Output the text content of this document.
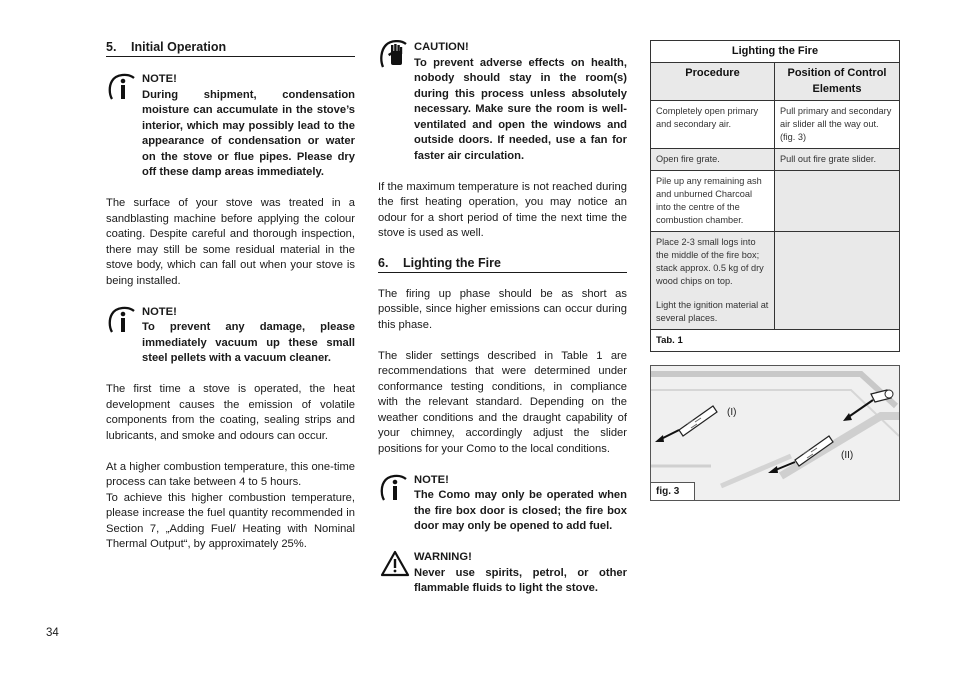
5. Initial Operation
NOTE!
During shipment, condensation moisture can accumulate in the stove’s interior, which may possibly lead to the appearance of condensation or water on the stove or flue pipes. Please dry off these damp areas immediately.

The surface of your stove was treated in a sandblasting machine before applying the colour coating. Despite careful and thorough inspection, there may still be some residual material in the stove body, which can fall out when your stove is being installed.

NOTE!
To prevent any damage, please immediately vacuum up these small steel pellets with a vacuum cleaner.

The first time a stove is operated, the heat development causes the emission of volatile components from the coating, sealing strips and lubricants, and smoke and odours can occur.

At a higher combustion temperature, this one-time process can take between 4 to 5 hours.

To achieve this higher combustion temperature, please increase the fuel quantity recommended in Section 7, „Adding Fuel/ Heating with Nominal Thermal Output“, by approximately 25%.

CAUTION!
To prevent adverse effects on health, nobody should stay in the room(s) during this process unless absolutely necessary. Make sure the room is well-ventilated and open the windows and outside doors. If needed, use a fan for faster air circulation.

If the maximum temperature is not reached during the first heating operation, you may notice an odour for a short period of time the next time the stove is used as well.

6. Lighting the Fire

The firing up phase should be as short as possible, since higher emissions can occur during this phase.

The slider settings described in Table 1 are recommendations that were determined under conformance testing conditions, in compliance with the relevant standard. Depending on the weather conditions and the draught capability of your chimney, accordingly adjust the slider positions for your Como to the local conditions.

NOTE!
The Como may only be operated when the fire box door is closed; the fire box door may only be opened to add fuel.
WARNING!
Never use spirits, petrol, or other flammable fluids to light the stove.
Lighting the Fire
Procedure	Position of Control Elements
Completely open primary and secondary air.
Pull primary and secondary air slider all the way out. (fig. 3)
Open fire grate.	Pull out fire grate slider.
Pile up any remaining ash and unburned Charcoal into the centre of the combustion chamber.
Place 2-3 small logs into the middle of the fire box; stack approx. 0.5 kg of dry wood chips on top.
Light the ignition material at several places.
Tab. 1
(I)
(II)
fig. 3
34
